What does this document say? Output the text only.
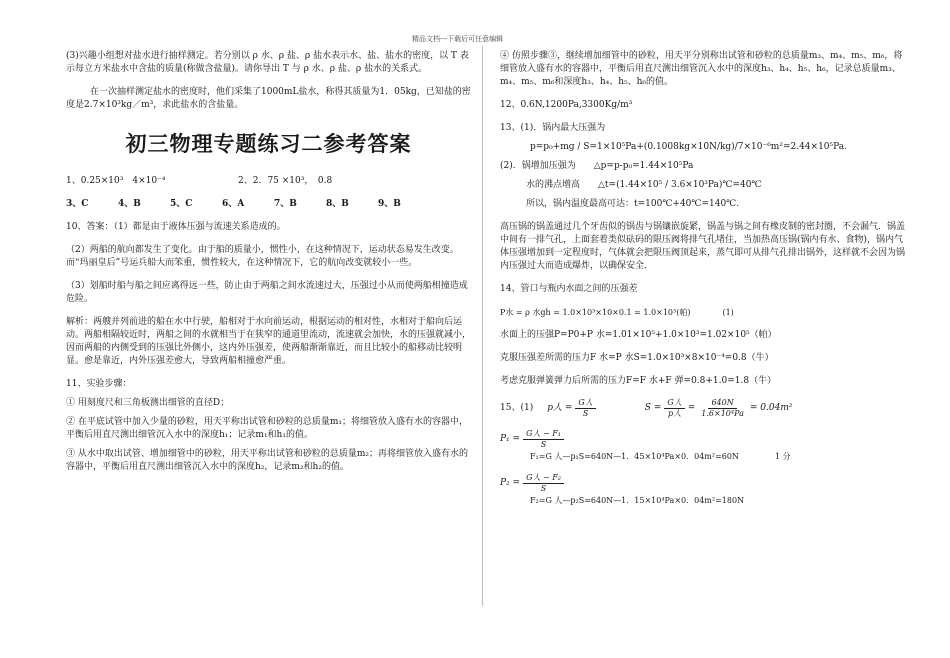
精品文档---下载后可任意编辑

(3)兴趣小组想对盐水进行抽样测定。若分别以 ρ 水、ρ 盐、ρ 盐水表示水、盐、盐水的密度，以 T 表示每立方米盐水中含盐的质量(称做含盐量)。请你导出 T 与 ρ 水、ρ 盐、ρ 盐水的关系式。

在一次抽样测定盐水的密度时，他们采集了1000mL盐水，称得其质量为1．05kg，已知盐的密度是2.7×10³kg／m³，求此盐水的含盐量。

初三物理专题练习二参考答案
1、0.25×10³　4×10⁻⁴	2、2．75 ×10³，　0.8
3、C	4、B	5、C	6、A	7、B	8、B	9、B

10、答案：（1）都是由于液体压强与流速关系造成的。

（2）两船的航向都发生了变化。由于船的质量小，惯性小，在这种情况下，运动状态易发生改变。而“玛丽皇后”号运兵船大而笨重，惯性较大，在这种情况下，它的航向改变就较小一些。

（3）划船时船与船之间应离得远一些，防止由于两船之间水流速过大，压强过小从而使两船相撞造成危险。

解析：两艘并列前进的船在水中行驶，船相对于水向前运动，根据运动的相对性，水相对于船向后运动。两船相隔较近时，两船之间的水就相当于在狭窄的通道里流动，流速就会加快，水的压强就减小，因而两船的内侧受到的压强比外侧小，这内外压强差，使两船渐渐靠近，而且比较小的船移动比较明显。愈是靠近，内外压强差愈大，导致两船相撞愈严重。

11、实验步骤：

① 用刻度尺和三角板测出细管的直径D；

② 在平底试管中加入少量的砂粒，用天平称出试管和砂粒的总质量m₁；将细管放入盛有水的容器中，平衡后用直尺测出细管沉入水中的深度h₁；记录m₁和h₁的值。

③ 从水中取出试管、增加细管中的砂粒，用天平称出试管和砂粒的总质量m₂；再将细管放入盛有水的容器中，平衡后用直尺测出细管沉入水中的深度h₂，记录m₂和h₂的值。

④ 仿照步骤③，继续增加细管中的砂粒，用天平分别称出试管和砂粒的总质量m₃、m₄、m₅、m₆，将细管放入盛有水的容器中，平衡后用直尺测出细管沉入水中的深度h₃、h₄、h₅、h₆，记录总质量m₃、m₄、m₅、m₆和深度h₃、h₄、h₅、h₆的值。

12、0.6N,1200Pa,3300Kg/m³

13、(1)．锅内最大压强为

p=p₀+mg / S=1×10⁵Pa+(0.1008kg×10N/kg)/7×10⁻⁶m²=2.44×10⁵Pa.

(2)．锅增加压强为　　△p=p-p₀=1.44×10⁵Pa

水的沸点增高　　△t=(1.44×10⁵ / 3.6×10³Pa)℃=40℃

所以，锅内温度最高可达：t=100℃+40℃=140℃.

高压锅的锅盖通过几个牙齿似的锅齿与锅镶嵌旋紧，锅盖与锅之间有橡皮制的密封圈，不会漏气．锅盖中间有一排气孔，上面套着类似砝码的限压阀将排气孔堵住，当加热高压锅(锅内有水、食物)，锅内气体压强增加到一定程度时，气体就会把限压阀顶起来，蒸气即可从排气孔排出锅外，这样就不会因为锅内压强过大而造成爆炸，以确保安全．

14、管口与瓶内水面之间的压强差

P水 = ρ 水gh = 1.0×10³×10×0.1 = 1.0×10³(帕)　　　　(1)

水面上的压强P=P0+P 水=1.01×10⁵+1.0×10³=1.02×10⁵（帕）

克服压强差所需的压力F 水=P 水S=1.0×10³×8×10⁻⁴=0.8（牛）

考虑克服弹簧弹力后所需的压力F=F 水+F 弹=0.8+1.0=1.8（牛）

15、(1) p人 = $\frac{\text{G人}}{S}$	$S = \frac{\text{G人}}{\text{p人}} = \frac{640N}{\text{1.6×10⁴Pa}} = 0.04m^2$
$P_1 = \frac{\text{G人 − F₁}}{S}$
F₁=G 人—p₁S=640N—1．45×10⁴Pa×0．04m²=60N	1 分
$P_2 = \frac{\text{G人 − F₂}}{S}$
F₂=G 人—p₂S=640N—1．15×10⁴Pa×0．04m²=180N
